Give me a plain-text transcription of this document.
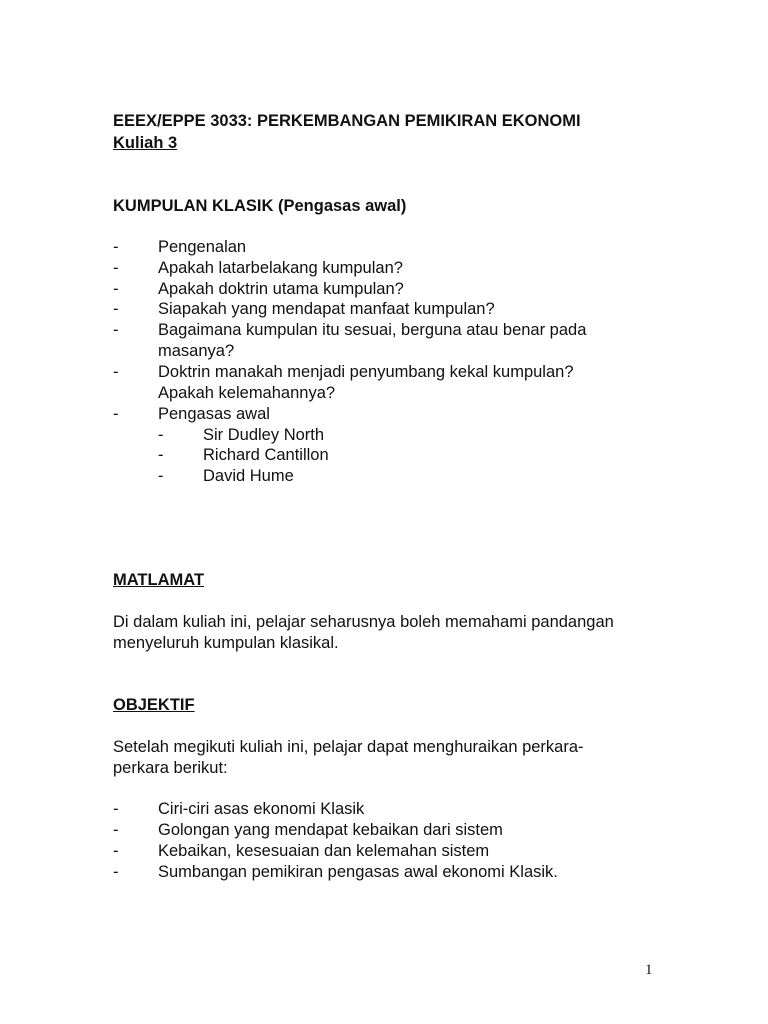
EEEX/EPPE 3033: PERKEMBANGAN PEMIKIRAN EKONOMI
Kuliah 3
KUMPULAN KLASIK (Pengasas awal)
-	Pengenalan
-	Apakah latarbelakang kumpulan?
-	Apakah doktrin utama kumpulan?
-	Siapakah yang mendapat manfaat kumpulan?
-	Bagaimana kumpulan itu sesuai, berguna atau benar pada
masanya?
-	Doktrin manakah menjadi penyumbang kekal kumpulan?
Apakah kelemahannya?
-	Pengasas awal
-	Sir Dudley North
-	Richard Cantillon
-	David Hume
MATLAMAT
Di dalam kuliah ini, pelajar seharusnya boleh memahami pandangan
menyeluruh kumpulan klasikal.
OBJEKTIF
Setelah megikuti kuliah ini, pelajar dapat menghuraikan perkara-
perkara berikut:
-	Ciri-ciri asas ekonomi Klasik
-	Golongan yang mendapat kebaikan dari sistem
-	Kebaikan, kesesuaian dan kelemahan sistem
-	Sumbangan pemikiran pengasas awal ekonomi Klasik.
1
